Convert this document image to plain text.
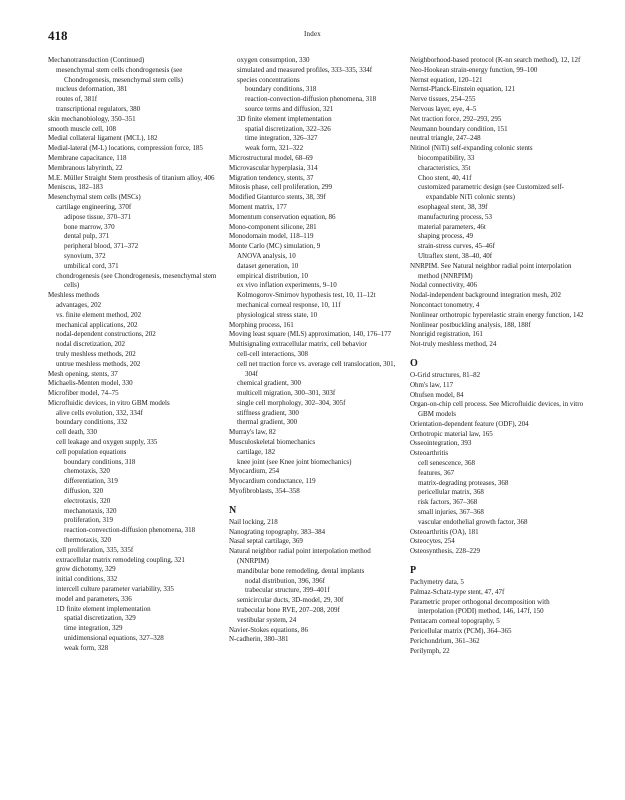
418	Index
Mechanotransduction (Continued)
mesenchymal stem cells chondrogenesis (see Chondrogenesis, mesenchymal stem cells)
nucleus deformation, 381
routes of, 381f
transcriptional regulators, 380
skin mechanobiology, 350–351
smooth muscle cell, 108
Medial collateral ligament (MCL), 182
Medial-lateral (M-L) locations, compression force, 185
Membrane capacitance, 118
Membranous labyrinth, 22
M.E. Müller Straight Stem prosthesis of titanium alloy, 406
Meniscus, 182–183
Mesenchymal stem cells (MSCs)
cartilage engineering, 370f
adipose tissue, 370–371
bone marrow, 370
dental pulp, 371
peripheral blood, 371–372
synovium, 372
umbilical cord, 371
chondrogenesis (see Chondrogenesis, mesenchymal stem cells)
Meshless methods
advantages, 202
vs. finite element method, 202
mechanical applications, 202
nodal-dependent constructions, 202
nodal discretization, 202
truly meshless methods, 202
untrue meshless methods, 202
Mesh opening, stents, 37
Michaelis-Menten model, 330
Microfiber model, 74–75
Microfluidic devices, in vitro GBM models
alive cells evolution, 332, 334f
boundary conditions, 332
cell death, 330
cell leakage and oxygen supply, 335
cell population equations
boundary conditions, 318
chemotaxis, 320
differentiation, 319
diffusion, 320
electrotaxis, 320
mechanotaxis, 320
proliferation, 319
reaction-convection-diffusion phenomena, 318
thermotaxis, 320
cell proliferation, 335, 335f
extracellular matrix remodeling coupling, 321
grow dichotomy, 329
initial conditions, 332
intercell culture parameter variability, 335
model and parameters, 336
1D finite element implementation
spatial discretization, 329
time integration, 329
unidimensional equations, 327–328
weak form, 328
oxygen consumption, 330
simulated and measured profiles, 333–335, 334f
species concentrations
boundary conditions, 318
reaction-convection-diffusion phenomena, 318
source terms and diffusion, 321
3D finite element implementation
spatial discretization, 322–326
time integration, 326–327
weak form, 321–322
Microstructural model, 68–69
Microvascular hyperplasia, 314
Migration tendency, stents, 37
Mitosis phase, cell proliferation, 299
Modified Gianturco stents, 38, 39f
Moment matrix, 177
Momentum conservation equation, 86
Mono-component silicone, 281
Monodomain model, 118–119
Monte Carlo (MC) simulation, 9
ANOVA analysis, 10
dataset generation, 10
empirical distribution, 10
ex vivo inflation experiments, 9–10
Kolmogorov-Smirnov hypothesis test, 10, 11–12t
mechanical corneal response, 10, 11f
physiological stress state, 10
Morphing process, 161
Moving least square (MLS) approximation, 140, 176–177
Multisignaling extracellular matrix, cell behavior
cell-cell interactions, 308
cell net traction force vs. average cell translocation, 301, 304f
chemical gradient, 300
multicell migration, 300–301, 303f
single cell morphology, 302–304, 305f
stiffness gradient, 300
thermal gradient, 300
Murray's law, 82
Musculoskeletal biomechanics
cartilage, 182
knee joint (see Knee joint biomechanics)
Myocardium, 254
Myocardium conductance, 119
Myofibroblasts, 354–358
N
Nail locking, 218
Nanograting topography, 383–384
Nasal septal cartilage, 369
Natural neighbor radial point interpolation method (NNRPIM)
mandibular bone remodeling, dental implants
nodal distribution, 396, 396f
trabecular structure, 399–401f
semicircular ducts, 3D-model, 29, 30f
trabecular bone RVE, 207–208, 209f
vestibular system, 24
Navier-Stokes equations, 86
N-cadherin, 380–381
Neighborhood-based protocol (K-nn search method), 12, 12f
Neo-Hookean strain-energy function, 99–100
Nernst equation, 120–121
Nernst-Planck-Einstein equation, 121
Nerve tissues, 254–255
Nervous layer, eye, 4–5
Net traction force, 292–293, 295
Neumann boundary condition, 151
neutral triangle, 247–248
Nitinol (NiTi) self-expanding colonic stents
biocompatibility, 33
characteristics, 35t
Choo stent, 40, 41f
customized parametric design (see Customized self-expandable NiTi colonic stents)
esophageal stent, 38, 39f
manufacturing process, 53
material parameters, 46t
shaping process, 49
strain-stress curves, 45–46f
Ultraflex stent, 38–40, 40f
NNRPIM. See Natural neighbor radial point interpolation method (NNRPIM)
Nodal connectivity, 406
Nodal-independent background integration mesh, 202
Noncontact tonometry, 4
Nonlinear orthotropic hyperelastic strain energy function, 142
Nonlinear postbuckling analysis, 188, 188f
Nonrigid registration, 161
Not-truly meshless method, 24
O
O-Grid structures, 81–82
Ohm's law, 117
Ohufsen model, 84
Organ-on-chip cell process. See Microfluidic devices, in vitro GBM models
Orientation-dependent feature (ODF), 204
Orthotropic material law, 165
Osseointegration, 393
Osteoarthritis
cell senescence, 368
features, 367
matrix-degrading proteases, 368
pericellular matrix, 368
risk factors, 367–368
small injuries, 367–368
vascular endothelial growth factor, 368
Osteoarthritis (OA), 181
Osteocytes, 254
Osteosynthesis, 228–229
P
Pachymetry data, 5
Palmaz-Schatz-type stent, 47, 47f
Parametric proper orthogonal decomposition with interpolation (PODI) method, 146, 147f, 150
Pentacam corneal topography, 5
Pericellular matrix (PCM), 364–365
Perichondrium, 361–362
Perilymph, 22
